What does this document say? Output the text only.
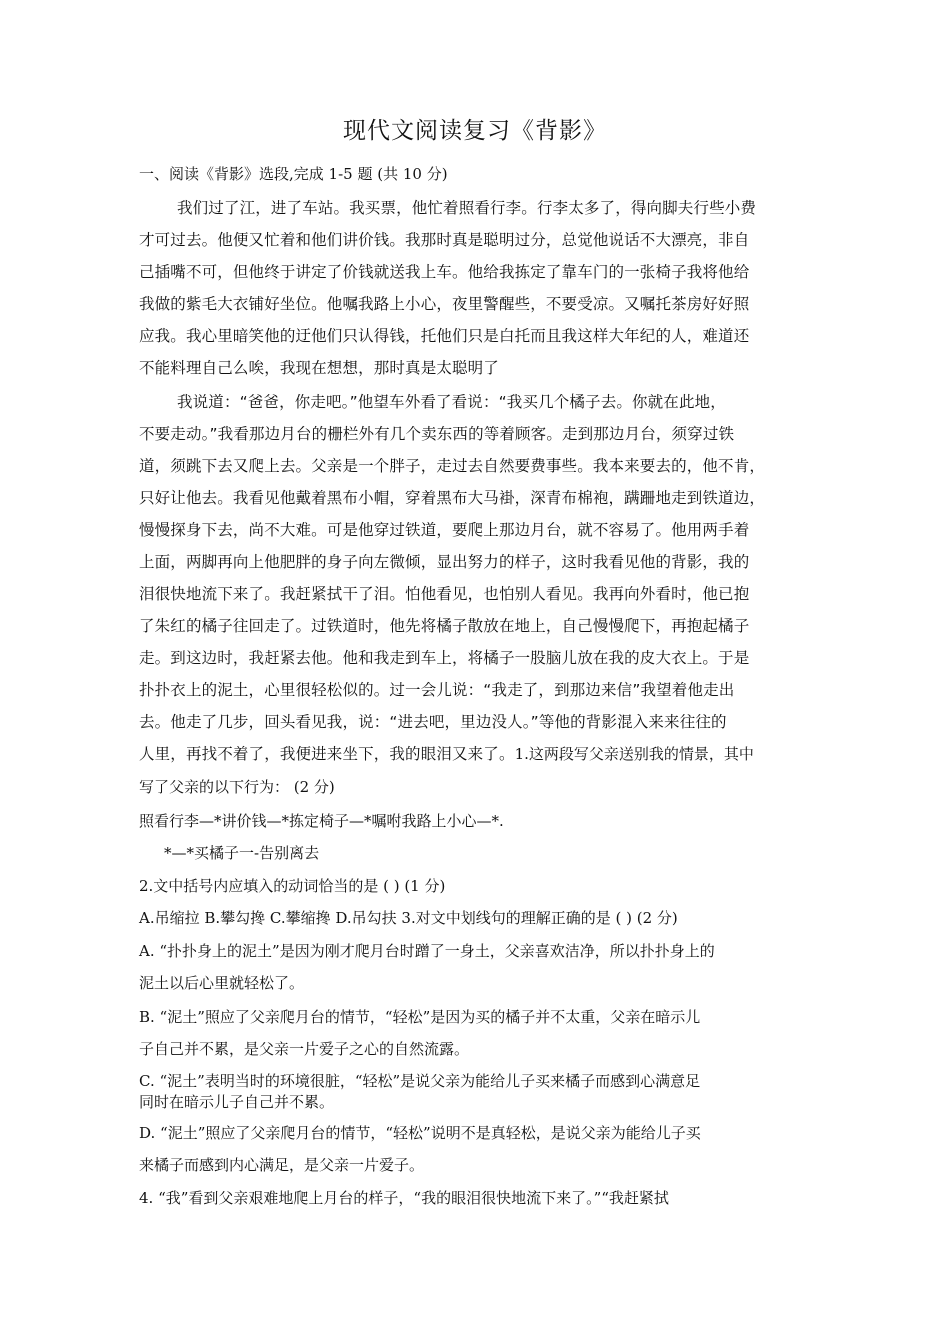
现代文阅读复习《背影》
一、阅读《背影》选段,完成 1-5 题 (共 10 分)
我们过了江，进了车站。我买票，他忙着照看行李。行李太多了，得向脚夫行些小费
才可过去。他便又忙着和他们讲价钱。我那时真是聪明过分，总觉他说话不大漂亮，非自
己插嘴不可，但他终于讲定了价钱就送我上车。他给我拣定了靠车门的一张椅子我将他给
我做的紫毛大衣铺好坐位。他嘱我路上小心，夜里警醒些，不要受凉。又嘱托茶房好好照
应我。我心里暗笑他的迂他们只认得钱，托他们只是白托而且我这样大年纪的人，难道还
不能料理自己么唉，我现在想想，那时真是太聪明了
我说道：“爸爸，你走吧。”他望车外看了看说：“我买几个橘子去。你就在此地，
不要走动。”我看那边月台的栅栏外有几个卖东西的等着顾客。走到那边月台，须穿过铁
道，须跳下去又爬上去。父亲是一个胖子，走过去自然要费事些。我本来要去的，他不肯，
只好让他去。我看见他戴着黑布小帽，穿着黑布大马褂，深青布棉袍，蹒跚地走到铁道边，
慢慢探身下去，尚不大难。可是他穿过铁道，要爬上那边月台，就不容易了。他用两手着
上面，两脚再向上他肥胖的身子向左微倾，显出努力的样子，这时我看见他的背影，我的
泪很快地流下来了。我赶紧拭干了泪。怕他看见，也怕别人看见。我再向外看时，他已抱
了朱红的橘子往回走了。过铁道时，他先将橘子散放在地上，自己慢慢爬下，再抱起橘子
走。到这边时，我赶紧去他。他和我走到车上，将橘子一股脑儿放在我的皮大衣上。于是
扑扑衣上的泥土，心里很轻松似的。过一会儿说：“我走了，到那边来信”我望着他走出
去。他走了几步，回头看见我，说：“进去吧，里边没人。”等他的背影混入来来往往的
人里，再找不着了，我便进来坐下，我的眼泪又来了。1.这两段写父亲送别我的情景，其中
写了父亲的以下行为： (2 分)
照看行李—*讲价钱—*拣定椅子—*嘱咐我路上小心—*.
*—*买橘子一-告别离去
2.文中括号内应填入的动词恰当的是 ( ) (1 分)
A.吊缩拉 B.攀勾搀 C.攀缩搀 D.吊勾扶 3.对文中划线句的理解正确的是 ( ) (2 分)
A. “扑扑身上的泥土”是因为刚才爬月台时蹭了一身土，父亲喜欢洁净，所以扑扑身上的
泥土以后心里就轻松了。
B. “泥土”照应了父亲爬月台的情节，“轻松”是因为买的橘子并不太重，父亲在暗示儿
子自己并不累，是父亲一片爱子之心的自然流露。
C. “泥土”表明当时的环境很脏，“轻松”是说父亲为能给儿子买来橘子而感到心满意足
同时在暗示儿子自己并不累。
D. “泥土”照应了父亲爬月台的情节，“轻松”说明不是真轻松，是说父亲为能给儿子买
来橘子而感到内心满足，是父亲一片爱子。
4. “我”看到父亲艰难地爬上月台的样子，“我的眼泪很快地流下来了。”“我赶紧拭
